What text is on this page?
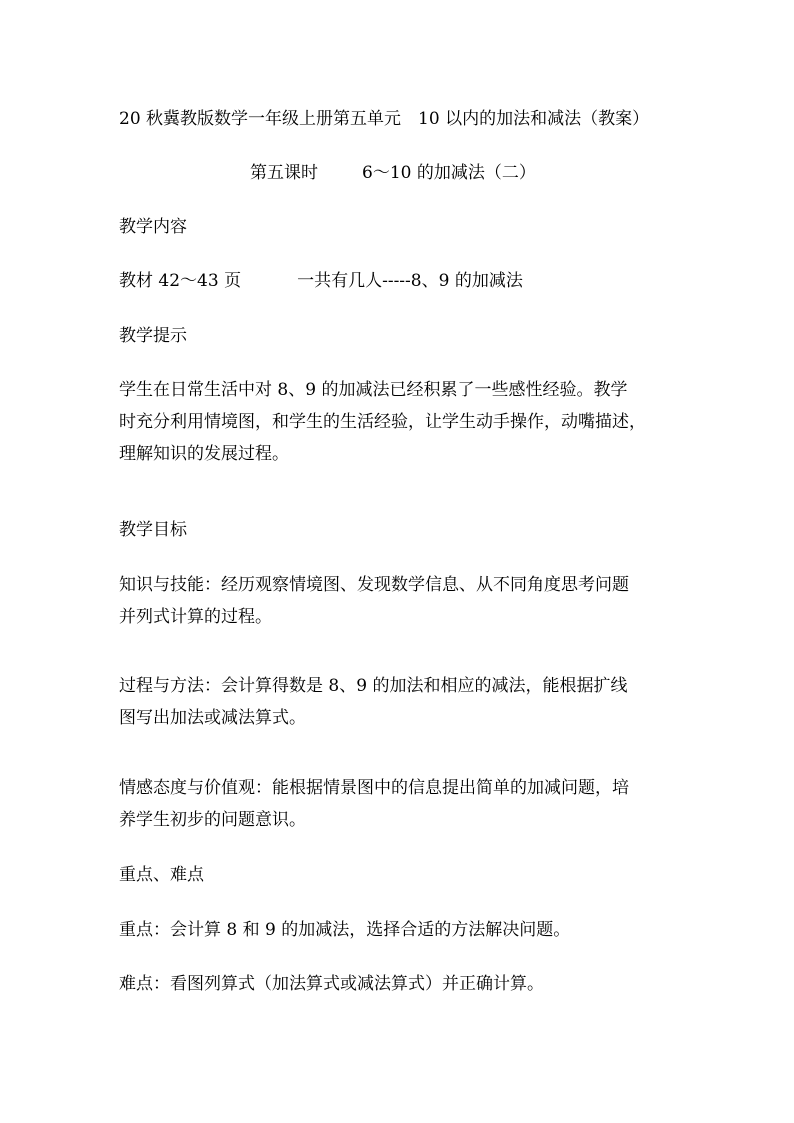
20 秋冀教版数学一年级上册第五单元　10 以内的加法和减法（教案）
第五课时	6～10 的加减法（二）
教学内容
教材 42～43 页	一共有几人-----8、9 的加减法
教学提示
学生在日常生活中对 8、9 的加减法已经积累了一些感性经验。教学
时充分利用情境图，和学生的生活经验，让学生动手操作，动嘴描述，
理解知识的发展过程。
教学目标
知识与技能：经历观察情境图、发现数学信息、从不同角度思考问题
并列式计算的过程。
过程与方法：会计算得数是 8、9 的加法和相应的减法，能根据扩线
图写出加法或减法算式。
情感态度与价值观：能根据情景图中的信息提出简单的加减问题，培
养学生初步的问题意识。
重点、难点
重点：会计算 8 和 9 的加减法，选择合适的方法解决问题。
难点：看图列算式（加法算式或减法算式）并正确计算。
